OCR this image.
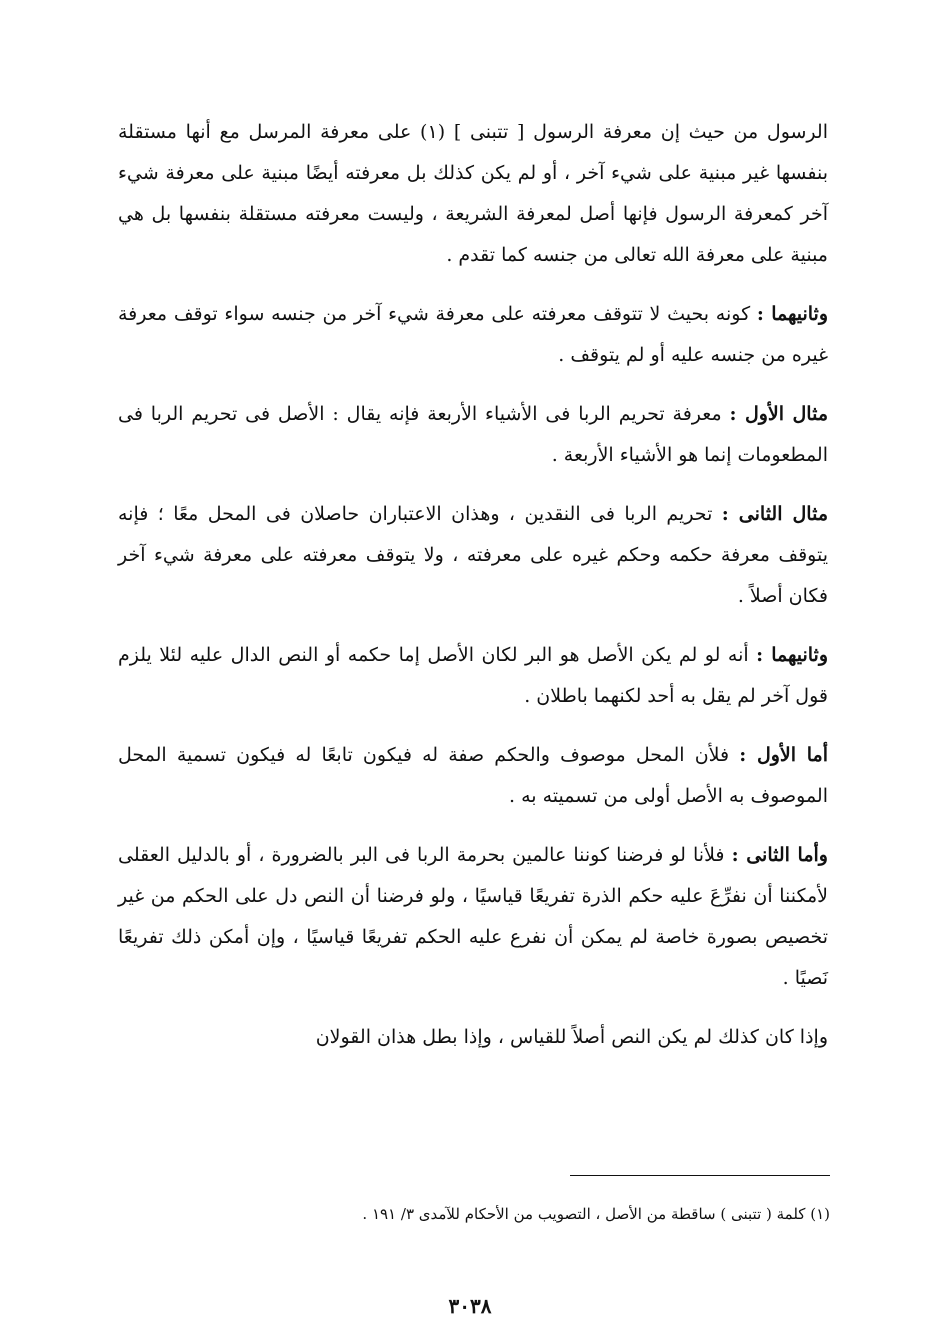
الرسول من حيث إن معرفة الرسول [ تتبنى ] (١) على معرفة المرسل مع أنها مستقلة بنفسها غير مبنية على شيء آخر ، أو لم يكن كذلك بل معرفته أيضًا مبنية على معرفة شيء آخر كمعرفة الرسول فإنها أصل لمعرفة الشريعة ، وليست معرفته مستقلة بنفسها بل هي مبنية على معرفة الله تعالى من جنسه كما تقدم .

وثانيهما : كونه بحيث لا تتوقف معرفته على معرفة شيء آخر من جنسه سواء توقف معرفة غيره من جنسه عليه أو لم يتوقف .

مثال الأول : معرفة تحريم الربا فى الأشياء الأربعة فإنه يقال : الأصل فى تحريم الربا فى المطعومات إنما هو الأشياء الأربعة .

مثال الثانى : تحريم الربا فى النقدين ، وهذان الاعتباران حاصلان فى المحل معًا ؛ فإنه يتوقف معرفة حكمه وحكم غيره على معرفته ، ولا يتوقف معرفته على معرفة شيء آخر فكان أصلاً .

وثانيهما : أنه لو لم يكن الأصل هو البر لكان الأصل إما حكمه أو النص الدال عليه لئلا يلزم قول آخر لم يقل به أحد لكنهما باطلان .

أما الأول : فلأن المحل موصوف والحكم صفة له فيكون تابعًا له فيكون تسمية المحل الموصوف به الأصل أولى من تسميته به .

وأما الثانى : فلأنا لو فرضنا كوننا عالمين بحرمة الربا فى البر بالضرورة ، أو بالدليل العقلى لأمكننا أن نفرِّعَ عليه حكم الذرة تفريعًا قياسيًا ، ولو فرضنا أن النص دل على الحكم من غير تخصيص بصورة خاصة لم يمكن أن نفرع عليه الحكم تفريعًا قياسيًا ، وإن أمكن ذلك تفريعًا نَصيًا .

وإذا كان كذلك لم يكن النص أصلاً للقياس ، وإذا بطل هذان القولان

(١) كلمة ( تتبنى ) ساقطة من الأصل ، التصويب من الأحكام للآمدى ٣/ ١٩١ .
٣٠٣٨
